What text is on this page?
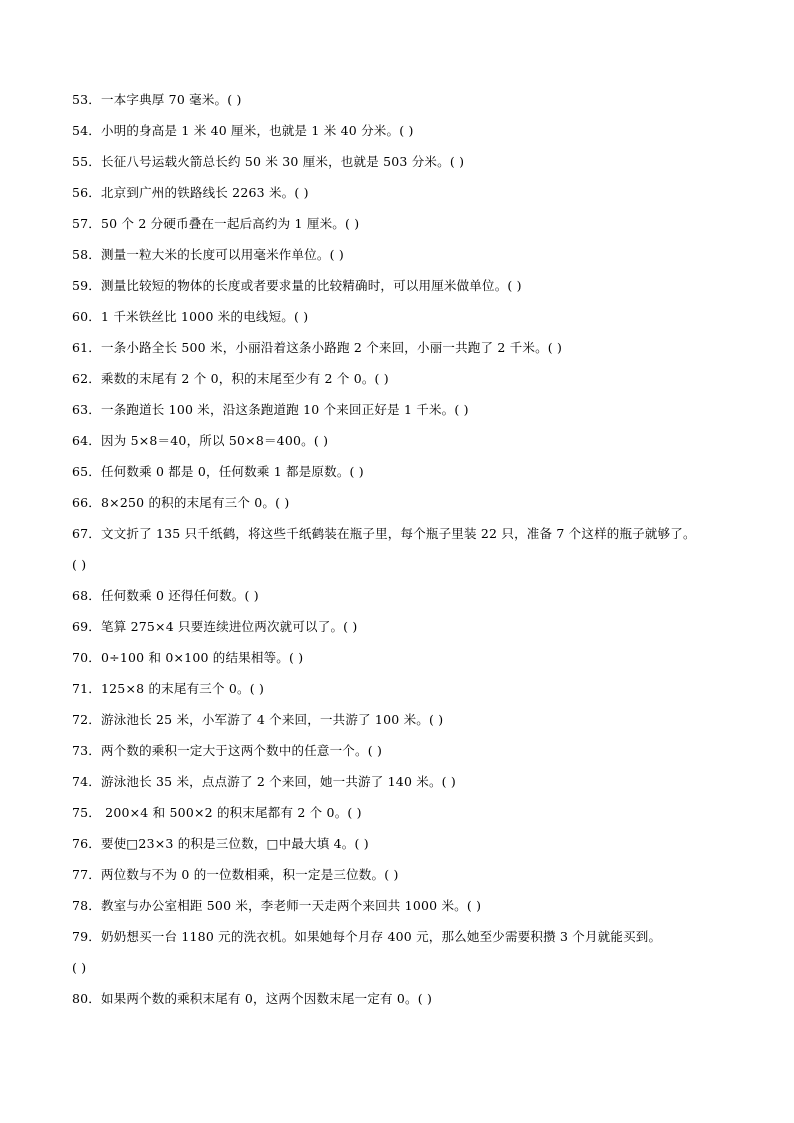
53．一本字典厚 70 毫米。( )
54．小明的身高是 1 米 40 厘米，也就是 1 米 40 分米。( )
55．长征八号运载火箭总长约 50 米 30 厘米，也就是 503 分米。( )
56．北京到广州的铁路线长 2263 米。( )
57．50 个 2 分硬币叠在一起后高约为 1 厘米。( )
58．测量一粒大米的长度可以用毫米作单位。( )
59．测量比较短的物体的长度或者要求量的比较精确时，可以用厘米做单位。( )
60．1 千米铁丝比 1000 米的电线短。( )
61．一条小路全长 500 米，小丽沿着这条小路跑 2 个来回，小丽一共跑了 2 千米。( )
62．乘数的末尾有 2 个 0，积的末尾至少有 2 个 0。( )
63．一条跑道长 100 米，沿这条跑道跑 10 个来回正好是 1 千米。( )
64．因为 5×8＝40，所以 50×8＝400。( )
65．任何数乘 0 都是 0，任何数乘 1 都是原数。( )
66．8×250 的积的末尾有三个 0。( )
67．文文折了 135 只千纸鹤，将这些千纸鹤装在瓶子里，每个瓶子里装 22 只，准备 7 个这样的瓶子就够了。
( )
68．任何数乘 0 还得任何数。( )
69．笔算 275×4 只要连续进位两次就可以了。( )
70．0÷100 和 0×100 的结果相等。( )
71．125×8 的末尾有三个 0。( )
72．游泳池长 25 米，小军游了 4 个来回，一共游了 100 米。( )
73．两个数的乘积一定大于这两个数中的任意一个。( )
74．游泳池长 35 米，点点游了 2 个来回，她一共游了 140 米。( )
75． 200×4 和 500×2 的积末尾都有 2 个 0。( )
76．要使□23×3 的积是三位数，□中最大填 4。( )
77．两位数与不为 0 的一位数相乘，积一定是三位数。( )
78．教室与办公室相距 500 米，李老师一天走两个来回共 1000 米。( )
79．奶奶想买一台 1180 元的洗衣机。如果她每个月存 400 元，那么她至少需要积攒 3 个月就能买到。
( )
80．如果两个数的乘积末尾有 0，这两个因数末尾一定有 0。( )
